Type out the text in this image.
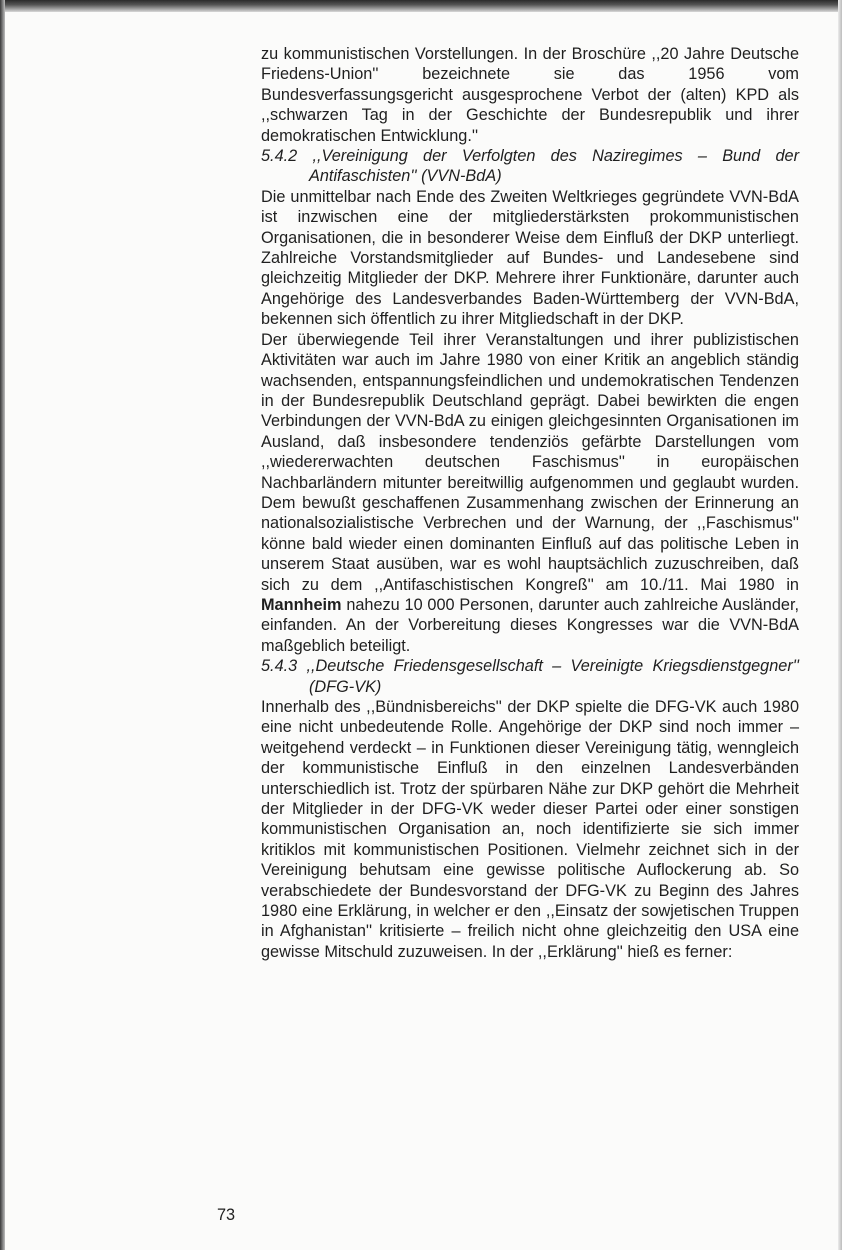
zu kommunistischen Vorstellungen. In der Broschüre ,,20 Jahre Deutsche Friedens-Union'' bezeichnete sie das 1956 vom Bundesverfassungsgericht ausgesprochene Verbot der (alten) KPD als ,,schwarzen Tag in der Geschichte der Bundesrepublik und ihrer demokratischen Entwicklung.''

5.4.2 ,,Vereinigung der Verfolgten des Naziregimes – Bund der Antifaschisten'' (VVN-BdA)

Die unmittelbar nach Ende des Zweiten Weltkrieges gegründete VVN-BdA ist inzwischen eine der mitgliederstärksten prokommunistischen Organisationen, die in besonderer Weise dem Einfluß der DKP unterliegt. Zahlreiche Vorstandsmitglieder auf Bundes- und Landesebene sind gleichzeitig Mitglieder der DKP. Mehrere ihrer Funktionäre, darunter auch Angehörige des Landesverbandes Baden-Württemberg der VVN-BdA, bekennen sich öffentlich zu ihrer Mitgliedschaft in der DKP.

Der überwiegende Teil ihrer Veranstaltungen und ihrer publizistischen Aktivitäten war auch im Jahre 1980 von einer Kritik an angeblich ständig wachsenden, entspannungsfeindlichen und undemokratischen Tendenzen in der Bundesrepublik Deutschland geprägt. Dabei bewirkten die engen Verbindungen der VVN-BdA zu einigen gleichgesinnten Organisationen im Ausland, daß insbesondere tendenziös gefärbte Darstellungen vom ,,wiedererwachten deutschen Faschismus'' in europäischen Nachbarländern mitunter bereitwillig aufgenommen und geglaubt wurden. Dem bewußt geschaffenen Zusammenhang zwischen der Erinnerung an nationalsozialistische Verbrechen und der Warnung, der ,,Faschismus'' könne bald wieder einen dominanten Einfluß auf das politische Leben in unserem Staat ausüben, war es wohl hauptsächlich zuzuschreiben, daß sich zu dem ,,Antifaschistischen Kongreß'' am 10./11. Mai 1980 in Mannheim nahezu 10 000 Personen, darunter auch zahlreiche Ausländer, einfanden. An der Vorbereitung dieses Kongresses war die VVN-BdA maßgeblich beteiligt.

5.4.3 ,,Deutsche Friedensgesellschaft – Vereinigte Kriegsdienstgegner'' (DFG-VK)

Innerhalb des ,,Bündnisbereichs'' der DKP spielte die DFG-VK auch 1980 eine nicht unbedeutende Rolle. Angehörige der DKP sind noch immer – weitgehend verdeckt – in Funktionen dieser Vereinigung tätig, wenngleich der kommunistische Einfluß in den einzelnen Landesverbänden unterschiedlich ist. Trotz der spürbaren Nähe zur DKP gehört die Mehrheit der Mitglieder in der DFG-VK weder dieser Partei oder einer sonstigen kommunistischen Organisation an, noch identifizierte sie sich immer kritiklos mit kommunistischen Positionen. Vielmehr zeichnet sich in der Vereinigung behutsam eine gewisse politische Auflockerung ab. So verabschiedete der Bundesvorstand der DFG-VK zu Beginn des Jahres 1980 eine Erklärung, in welcher er den ,,Einsatz der sowjetischen Truppen in Afghanistan'' kritisierte – freilich nicht ohne gleichzeitig den USA eine gewisse Mitschuld zuzuweisen. In der ,,Erklärung'' hieß es ferner:

73
